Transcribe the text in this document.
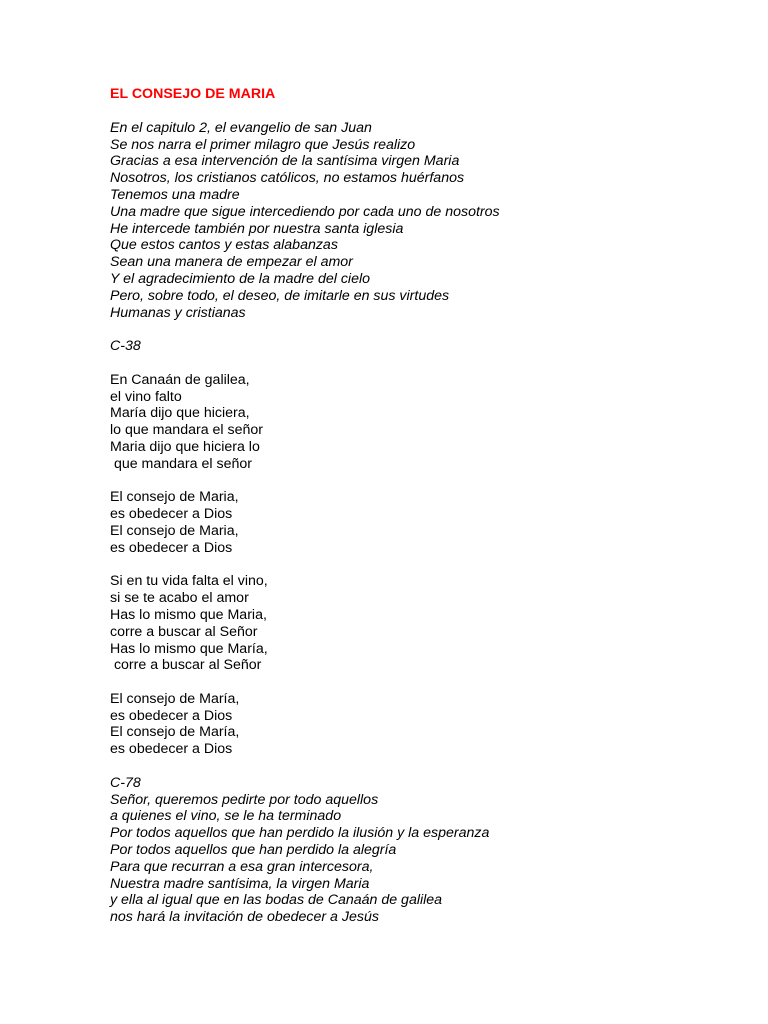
EL CONSEJO DE MARIA
En el capitulo 2, el evangelio de san Juan
Se nos narra el primer milagro que Jesús realizo
Gracias a esa intervención de la santísima virgen Maria
Nosotros, los cristianos católicos, no estamos huérfanos
Tenemos una madre
Una madre que sigue intercediendo por cada uno de nosotros
He intercede también por nuestra santa iglesia
Que estos cantos y estas alabanzas
Sean una manera de empezar el amor
Y el agradecimiento de la madre del cielo
Pero, sobre todo, el deseo, de imitarle en sus virtudes
Humanas y cristianas
C-38
En Canaán de galilea,
el vino falto
María dijo que hiciera,
lo que mandara el señor
Maria dijo que hiciera lo
que mandara el señor
El consejo de Maria,
es obedecer a Dios
El consejo de Maria,
es obedecer a Dios
Si en tu vida falta el vino,
si se te acabo el amor
Has lo mismo que Maria,
corre a buscar al Señor
Has lo mismo que María,
corre a buscar al Señor
El consejo de María,
es obedecer a Dios
El consejo de María,
es obedecer a Dios
C-78
Señor, queremos pedirte por todo aquellos
a quienes el vino, se le ha terminado
Por todos aquellos que han perdido la ilusión y la esperanza
Por todos aquellos que han perdido la alegría
Para que recurran a esa gran intercesora,
Nuestra madre santísima, la virgen Maria
y ella al igual que en las bodas de Canaán de galilea
nos hará la invitación de obedecer a Jesús
